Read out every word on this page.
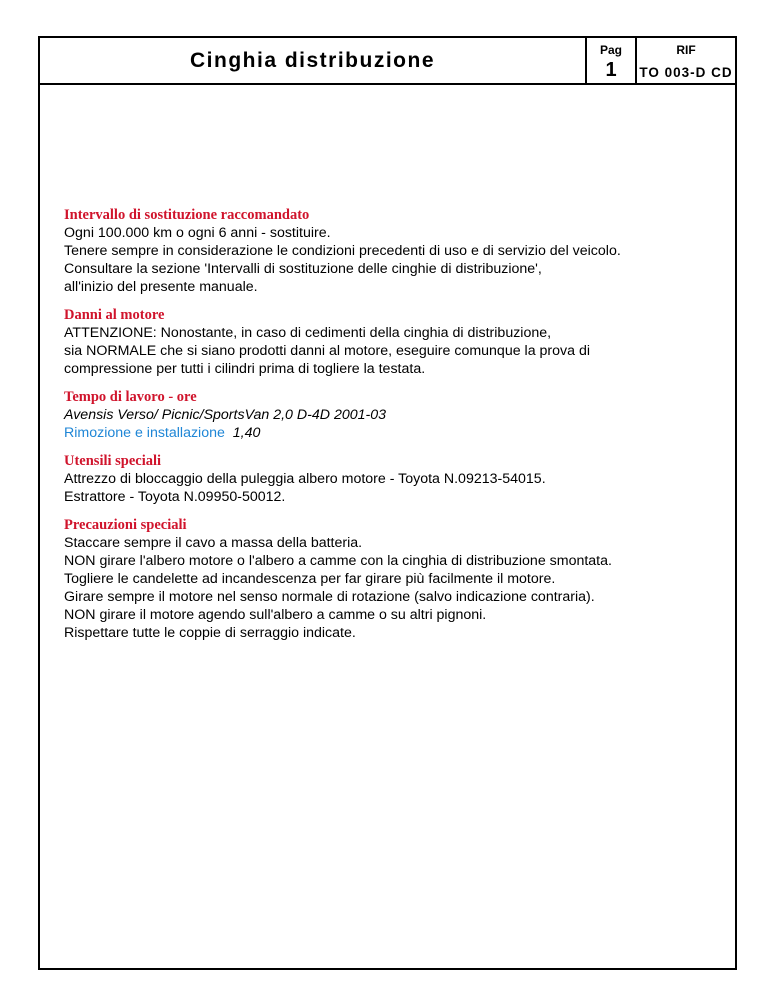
Cinghia distribuzione	Pag
1
RIF
TO 003-D CD
Intervallo di sostituzione raccomandato
Ogni 100.000 km o ogni 6 anni - sostituire.
Tenere sempre in considerazione le condizioni precedenti di uso e di servizio del veicolo.
Consultare la sezione 'Intervalli di sostituzione delle cinghie di distribuzione',
all'inizio del presente manuale.
Danni al motore
ATTENZIONE: Nonostante, in caso di cedimenti della cinghia di distribuzione,
sia NORMALE che si siano prodotti danni al motore, eseguire comunque la prova di
compressione per tutti i cilindri prima di togliere la testata.
Tempo di lavoro - ore
Avensis Verso/ Picnic/SportsVan 2,0 D-4D 2001-03
Rimozione e installazione 1,40
Utensili speciali
Attrezzo di bloccaggio della puleggia albero motore - Toyota N.09213-54015.
Estrattore - Toyota N.09950-50012.
Precauzioni speciali
Staccare sempre il cavo a massa della batteria.
NON girare l'albero motore o l'albero a camme con la cinghia di distribuzione smontata.
Togliere le candelette ad incandescenza per far girare più facilmente il motore.
Girare sempre il motore nel senso normale di rotazione (salvo indicazione contraria).
NON girare il motore agendo sull'albero a camme o su altri pignoni.
Rispettare tutte le coppie di serraggio indicate.
